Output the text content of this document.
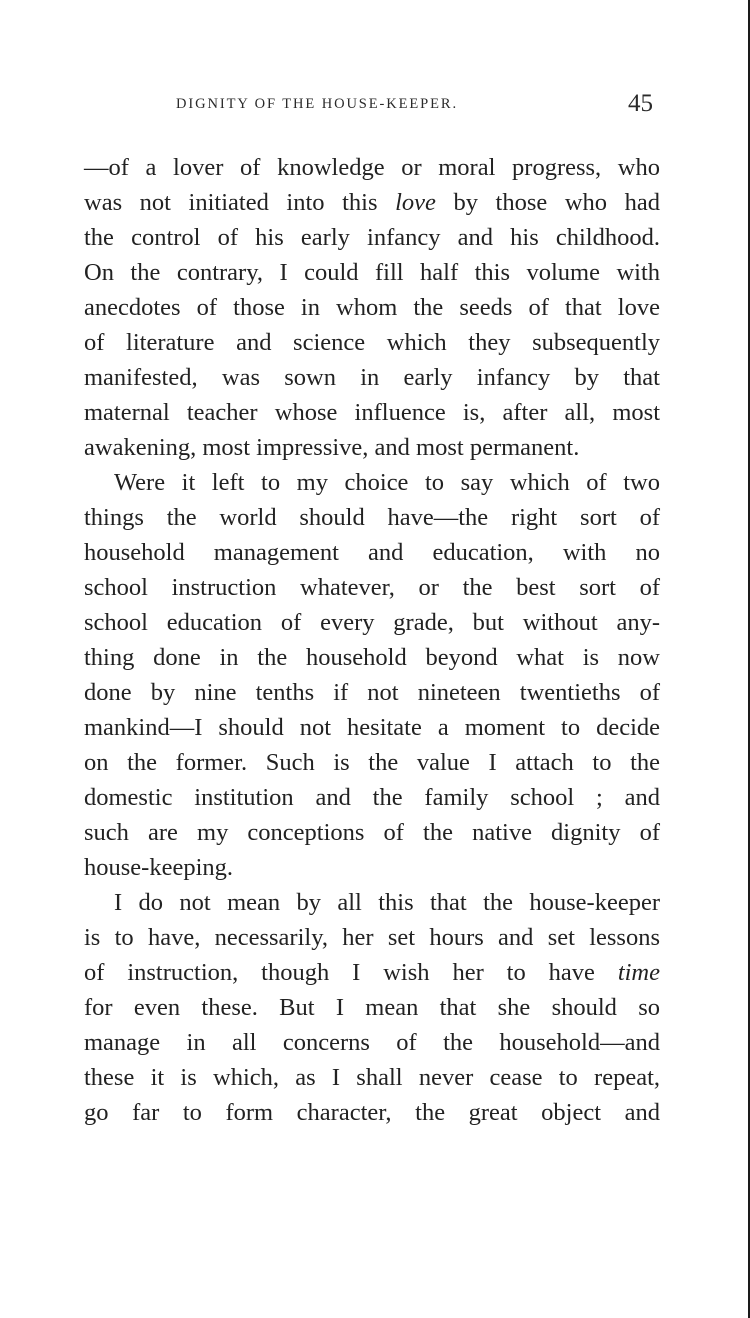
DIGNITY OF THE HOUSE-KEEPER.	45
—of a lover of knowledge or moral progress, who
was not initiated into this love by those who had
the control of his early infancy and his childhood.
On the contrary, I could fill half this volume with
anecdotes of those in whom the seeds of that love
of literature and science which they subsequently
manifested, was sown in early infancy by that
maternal teacher whose influence is, after all, most
awakening, most impressive, and most permanent.
Were it left to my choice to say which of two
things the world should have—the right sort of
household management and education, with no
school instruction whatever, or the best sort of
school education of every grade, but without any-
thing done in the household beyond what is now
done by nine tenths if not nineteen twentieths of
mankind—I should not hesitate a moment to decide
on the former. Such is the value I attach to the
domestic institution and the family school ; and
such are my conceptions of the native dignity of
house-keeping.
I do not mean by all this that the house-keeper
is to have, necessarily, her set hours and set lessons
of instruction, though I wish her to have time
for even these. But I mean that she should so
manage in all concerns of the household—and
these it is which, as I shall never cease to repeat,
go far to form character, the great object and
